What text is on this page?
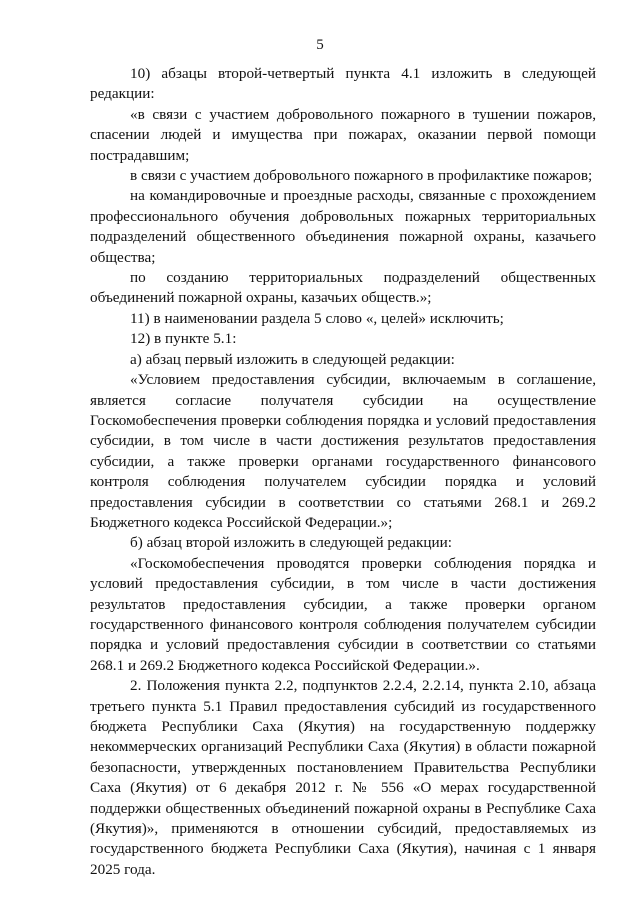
5

10) абзацы второй-четвертый пункта 4.1 изложить в следующей редакции:

«в связи с участием добровольного пожарного в тушении пожаров, спасении людей и имущества при пожарах, оказании первой помощи пострадавшим;

в связи с участием добровольного пожарного в профилактике пожаров;

на командировочные и проездные расходы, связанные с прохождением профессионального обучения добровольных пожарных территориальных подразделений общественного объединения пожарной охраны, казачьего общества;

по созданию территориальных подразделений общественных объединений пожарной охраны, казачьих обществ.»;

11) в наименовании раздела 5 слово «, целей» исключить;

12) в пункте 5.1:

а) абзац первый изложить в следующей редакции:

«Условием предоставления субсидии, включаемым в соглашение, является согласие получателя субсидии на осуществление Госкомобеспечения проверки соблюдения порядка и условий предоставления субсидии, в том числе в части достижения результатов предоставления субсидии, а также проверки органами государственного финансового контроля соблюдения получателем субсидии порядка и условий предоставления субсидии в соответствии со статьями 268.1 и 269.2 Бюджетного кодекса Российской Федерации.»;

б) абзац второй изложить в следующей редакции:

«Госкомобеспечения проводятся проверки соблюдения порядка и условий предоставления субсидии, в том числе в части достижения результатов предоставления субсидии, а также проверки органом государственного финансового контроля соблюдения получателем субсидии порядка и условий предоставления субсидии в соответствии со статьями 268.1 и 269.2 Бюджетного кодекса Российской Федерации.».

2. Положения пункта 2.2, подпунктов 2.2.4, 2.2.14, пункта 2.10, абзаца третьего пункта 5.1 Правил предоставления субсидий из государственного бюджета Республики Саха (Якутия) на государственную поддержку некоммерческих организаций Республики Саха (Якутия) в области пожарной безопасности, утвержденных постановлением Правительства Республики Саха (Якутия) от 6 декабря 2012 г. № 556 «О мерах государственной поддержки общественных объединений пожарной охраны в Республике Саха (Якутия)», применяются в отношении субсидий, предоставляемых из государственного бюджета Республики Саха (Якутия), начиная с 1 января 2025 года.
